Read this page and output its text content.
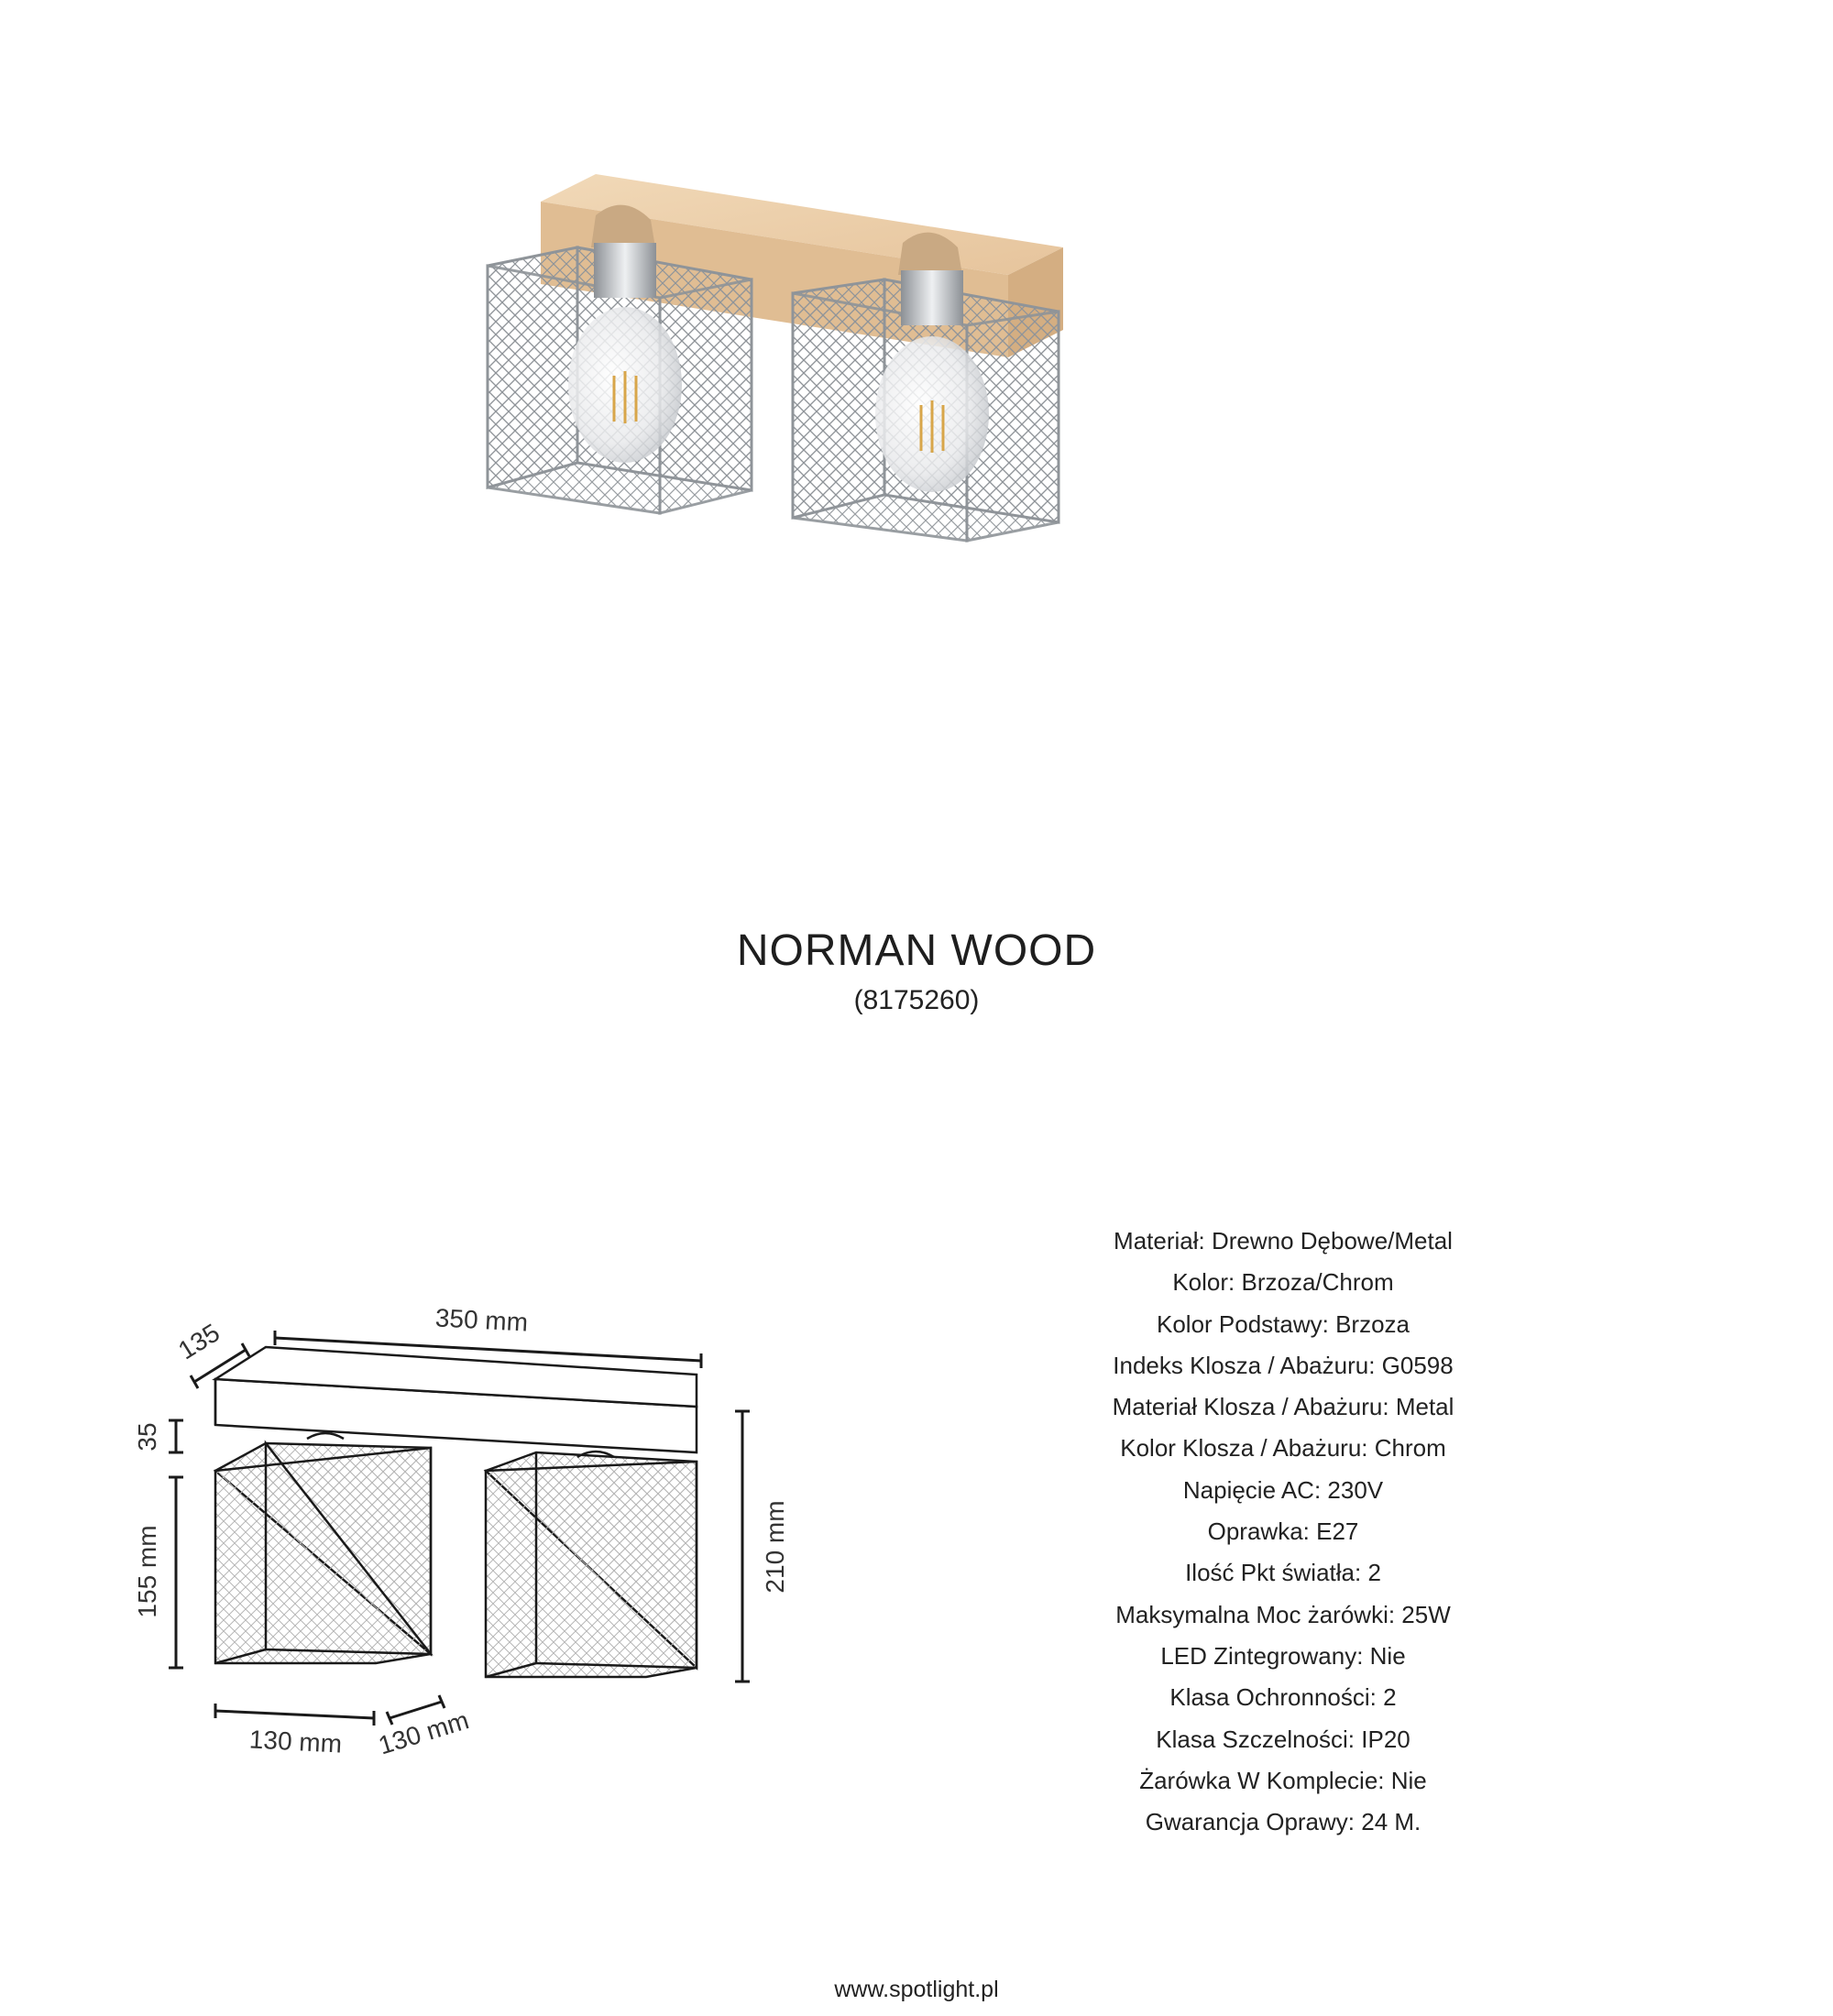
NORMAN WOOD
(8175260)
350 mm
135
35
155 mm	210 mm
130 mm 130 mm
Materiał: Drewno Dębowe/Metal
Kolor: Brzoza/Chrom
Kolor Podstawy: Brzoza
Indeks Klosza / Abażuru: G0598
Materiał Klosza / Abażuru: Metal
Kolor Klosza / Abażuru: Chrom
Napięcie AC: 230V
Oprawka: E27
Ilość Pkt światła: 2
Maksymalna Moc żarówki: 25W
LED Zintegrowany: Nie
Klasa Ochronności: 2
Klasa Szczelności: IP20
Żarówka W Komplecie: Nie
Gwarancja Oprawy: 24 M.
www.spotlight.pl
